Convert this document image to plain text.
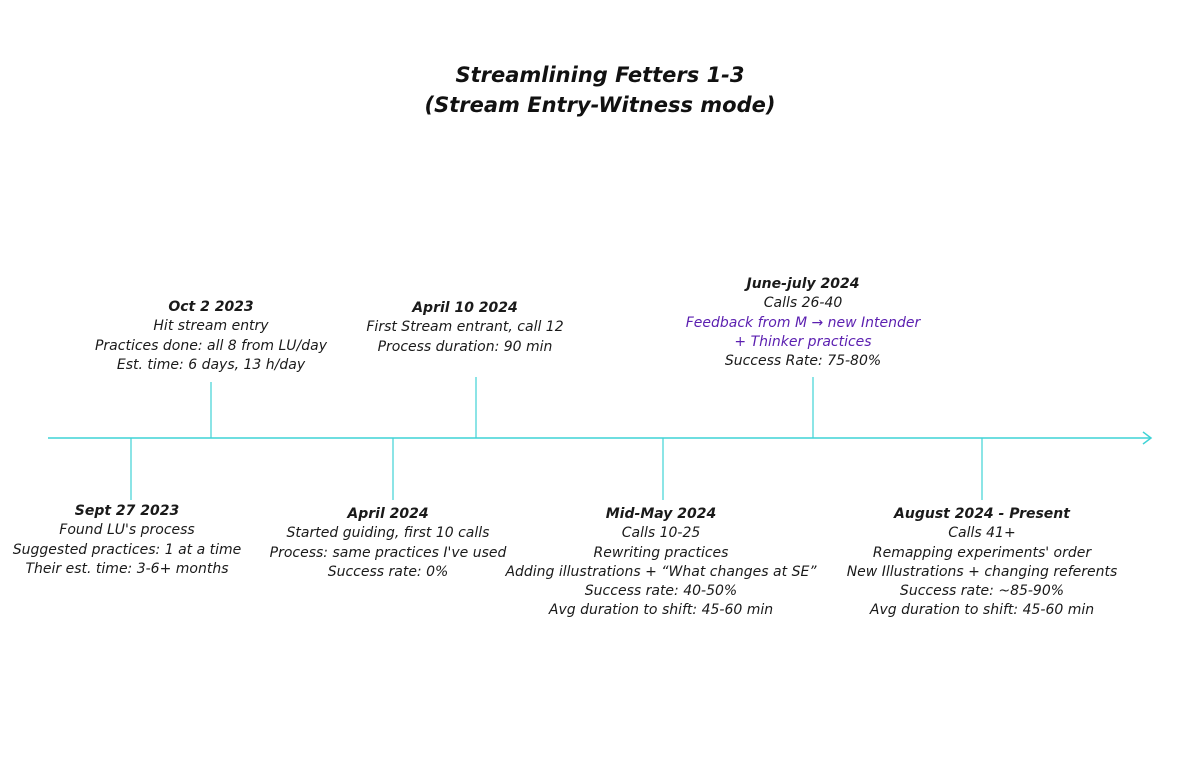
Streamlining Fetters 1-3
(Stream Entry-Witness mode)
Sept 27 2023
Found LU's process
Suggested practices: 1 at a time
Their est. time: 3-6+ months
Oct 2 2023
Hit stream entry
Practices done: all 8 from LU/day
Est. time: 6 days, 13 h/day
April 2024
Started guiding, first 10 calls
Process: same practices I've used
Success rate: 0%
April 10 2024
First Stream entrant, call 12
Process duration: 90 min
Mid-May 2024
Calls 10-25
Rewriting practices
Adding illustrations + “What changes at SE”
Success rate: 40-50%
Avg duration to shift: 45-60 min
June-july 2024
Calls 26-40
Feedback from M → new Intender
+ Thinker practices
Success Rate: 75-80%
August 2024 - Present
Calls 41+
Remapping experiments' order
New Illustrations + changing referents
Success rate: ~85-90%
Avg duration to shift: 45-60 min
